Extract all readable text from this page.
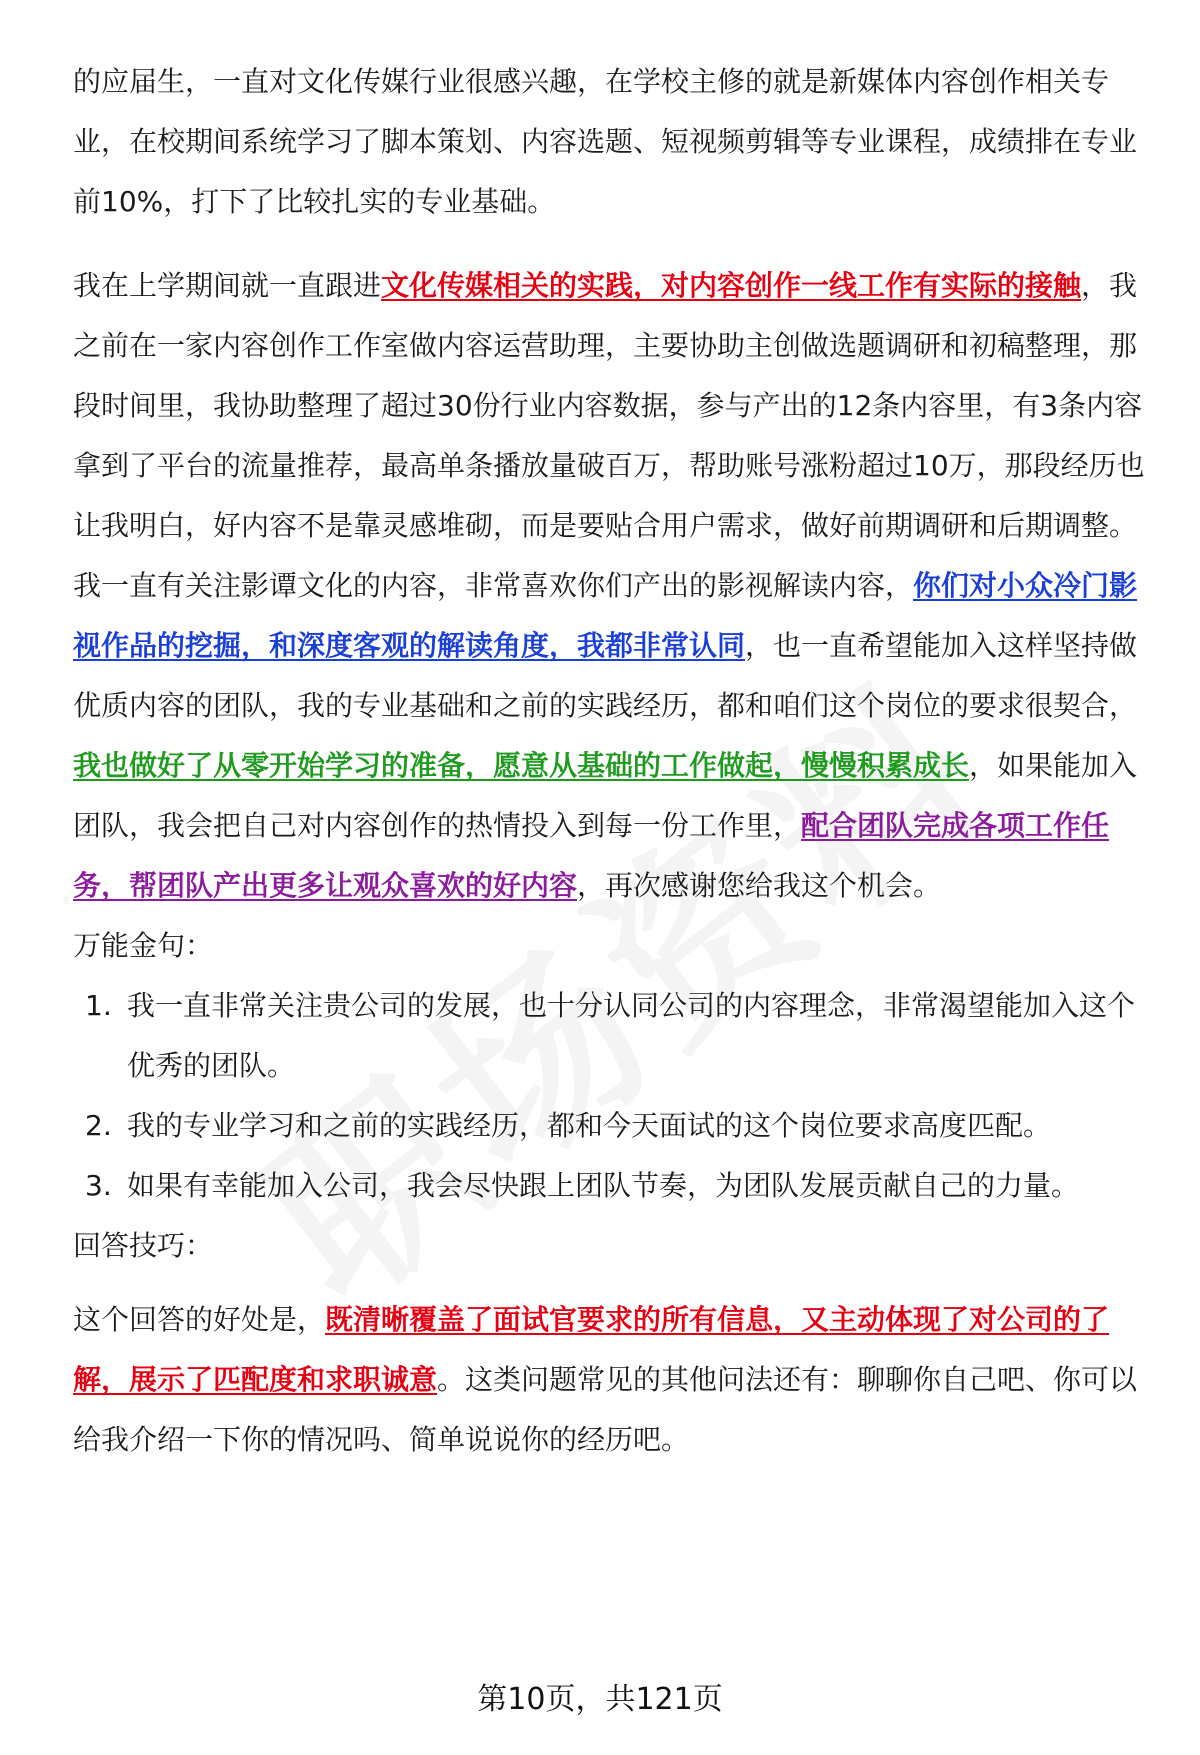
的应届生，一直对文化传媒行业很感兴趣，在学校主修的就是新媒体内容创作相关专业，在校期间系统学习了脚本策划、内容选题、短视频剪辑等专业课程，成绩排在专业前10%，打下了比较扎实的专业基础。

我在上学期间就一直跟进文化传媒相关的实践，对内容创作一线工作有实际的接触，我之前在一家内容创作工作室做内容运营助理，主要协助主创做选题调研和初稿整理，那段时间里，我协助整理了超过30份行业内容数据，参与产出的12条内容里，有3条内容拿到了平台的流量推荐，最高单条播放量破百万，帮助账号涨粉超过10万，那段经历也让我明白，好内容不是靠灵感堆砌，而是要贴合用户需求，做好前期调研和后期调整。

我一直有关注影谭文化的内容，非常喜欢你们产出的影视解读内容，你们对小众冷门影视作品的挖掘，和深度客观的解读角度，我都非常认同，也一直希望能加入这样坚持做优质内容的团队，我的专业基础和之前的实践经历，都和咱们这个岗位的要求很契合，我也做好了从零开始学习的准备，愿意从基础的工作做起，慢慢积累成长，如果能加入团队，我会把自己对内容创作的热情投入到每一份工作里，配合团队完成各项工作任务，帮团队产出更多让观众喜欢的好内容，再次感谢您给我这个机会。

万能金句：

1. 我一直非常关注贵公司的发展，也十分认同公司的内容理念，非常渴望能加入这个优秀的团队。
2. 我的专业学习和之前的实践经历，都和今天面试的这个岗位要求高度匹配。
3. 如果有幸能加入公司，我会尽快跟上团队节奏，为团队发展贡献自己的力量。

回答技巧：

这个回答的好处是，既清晰覆盖了面试官要求的所有信息，又主动体现了对公司的了解，展示了匹配度和求职诚意。这类问题常见的其他问法还有：聊聊你自己吧、你可以给我介绍一下你的情况吗、简单说说你的经历吧。

第10页，共121页
